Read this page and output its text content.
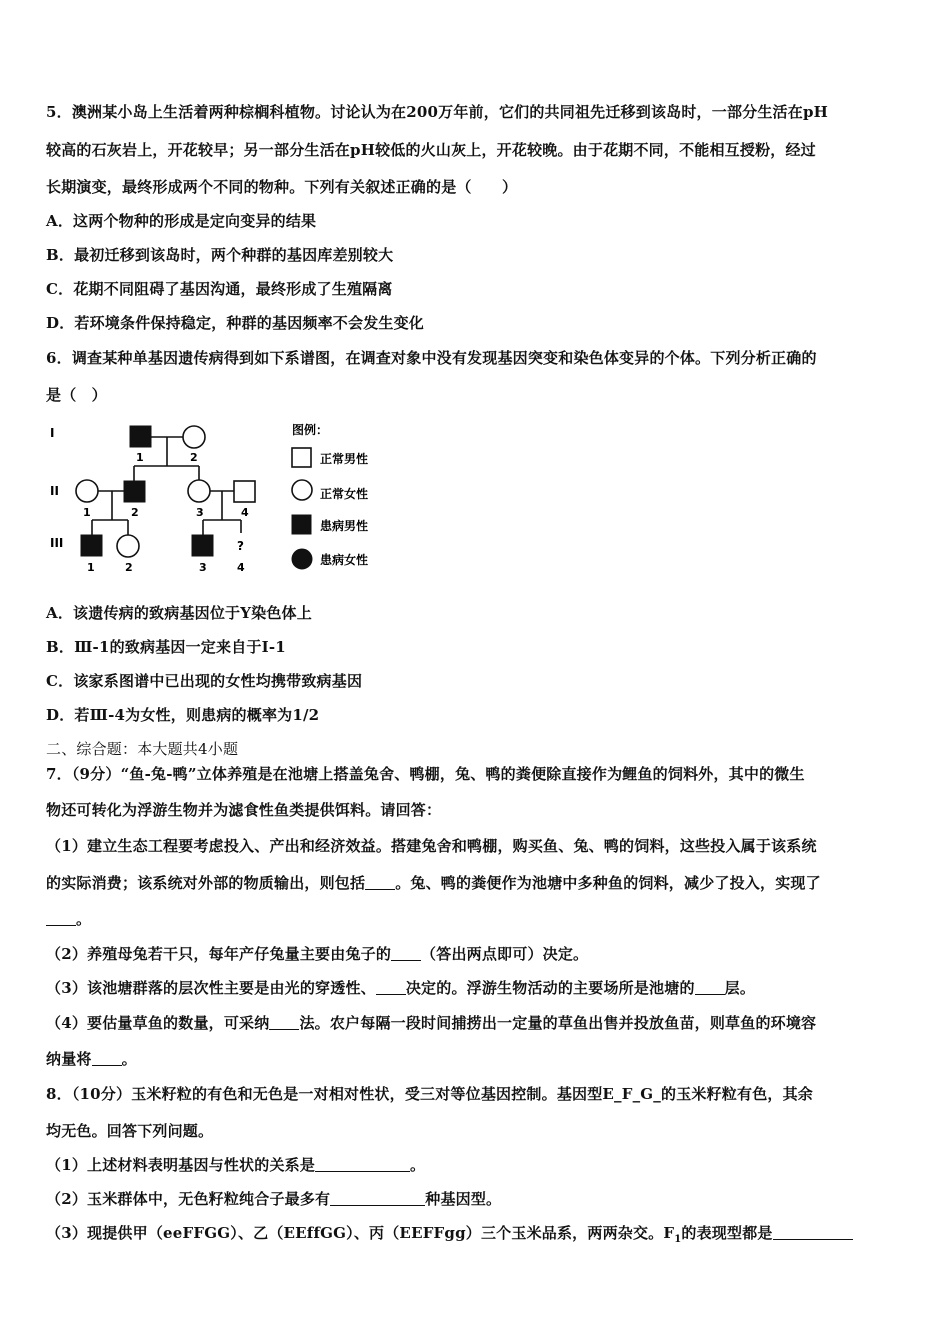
5．澳洲某小岛上生活着两种棕榈科植物。讨论认为在200万年前，它们的共同祖先迁移到该岛时，一部分生活在pH
较高的石灰岩上，开花较早；另一部分生活在pH较低的火山灰上，开花较晚。由于花期不同，不能相互授粉，经过
长期演变，最终形成两个不同的物种。下列有关叙述正确的是（　　）
A．这两个物种的形成是定向变异的结果
B．最初迁移到该岛时，两个种群的基因库差别较大
C．花期不同阻碍了基因沟通，最终形成了生殖隔离
D．若环境条件保持稳定，种群的基因频率不会发生变化
6．调查某种单基因遗传病得到如下系谱图，在调查对象中没有发现基因突变和染色体变异的个体。下列分析正确的
是（　）
I
II
III
1	2
1	2	3	4
?
1	2	3	4
图例：
正常男性
正常女性
患病男性
患病女性
A．该遗传病的致病基因位于Y染色体上
B．Ⅲ-1的致病基因一定来自于Ⅰ-1
C．该家系图谱中已出现的女性均携带致病基因
D．若Ⅲ-4为女性，则患病的概率为1/2
二、综合题：本大题共4小题
7．（9分）“鱼-兔-鸭”立体养殖是在池塘上搭盖兔舍、鸭棚，兔、鸭的粪便除直接作为鲤鱼的饲料外，其中的微生
物还可转化为浮游生物并为滤食性鱼类提供饵料。请回答：
（1）建立生态工程要考虑投入、产出和经济效益。搭建兔舍和鸭棚，购买鱼、兔、鸭的饲料，这些投入属于该系统
的实际消费；该系统对外部的物质输出，则包括 。兔、鸭的粪便作为池塘中多种鱼的饲料，减少了投入，实现了
。
（2）养殖母兔若干只，每年产仔兔量主要由兔子的 （答出两点即可）决定。
（3）该池塘群落的层次性主要是由光的穿透性、 决定的。浮游生物活动的主要场所是池塘的 层。
（4）要估量草鱼的数量，可采纳 法。农户每隔一段时间捕捞出一定量的草鱼出售并投放鱼苗，则草鱼的环境容
纳量将 。
8．（10分）玉米籽粒的有色和无色是一对相对性状，受三对等位基因控制。基因型E_F_G_的玉米籽粒有色，其余
均无色。回答下列问题。
（1）上述材料表明基因与性状的关系是	。
（2）玉米群体中，无色籽粒纯合子最多有	种基因型。
（3）现提供甲（eeFFGG）、乙（EEffGG）、丙（EEFFgg）三个玉米品系，两两杂交。$F_1$的表现型都是
